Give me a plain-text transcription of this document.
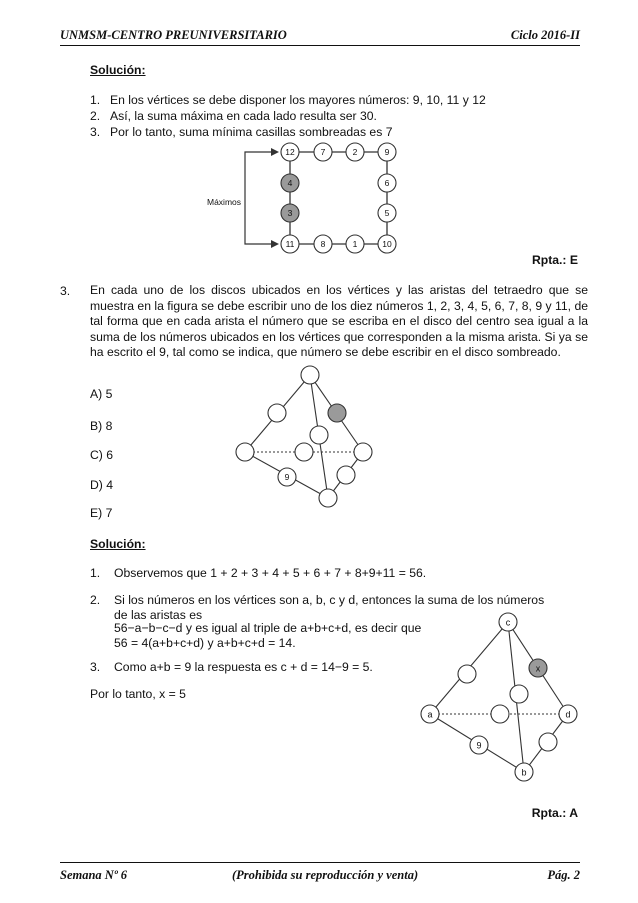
UNMSM-CENTRO PREUNIVERSITARIO	Ciclo 2016-II
Solución:
1. En los vértices se debe disponer los mayores números: 9, 10, 11 y 12
2. Así, la suma máxima en cada lado resulta ser 30.
3. Por lo tanto, suma mínima casillas sombreadas es 7
Máximos
12	7	2	9
4
3
6
5
11	8	1	10
Rpta.: E
3. En cada uno de los discos ubicados en los vértices y las aristas del tetraedro que se muestra en la figura se debe escribir uno de los diez números 1, 2, 3, 4, 5, 6, 7, 8, 9 y 11, de tal forma que en cada arista el número que se escriba en el disco del centro sea igual a la suma de los números ubicados en los vértices que corresponden a la misma arista. Si ya se ha escrito el 9, tal como se indica, que número se debe escribir en el disco sombreado.
A) 5
B) 8
C) 6
D) 4
E) 7
9
Solución:
1. Observemos que 1 + 2 + 3 + 4 + 5 + 6 + 7 + 8+9+11 = 56.
2. Si los números en los vértices son a, b, c y d, entonces la suma de los números
de las aristas es
56−a−b−c−d y es igual al triple de a+b+c+d, es decir que
56 = 4(a+b+c+d) y a+b+c+d = 14.
3. Como a+b = 9 la respuesta es c + d = 14−9 = 5.
Por lo tanto, x = 5
c
a	d
b
x
9
Rpta.: A
Semana Nº 6	(Prohibida su reproducción y venta)	Pág. 2
